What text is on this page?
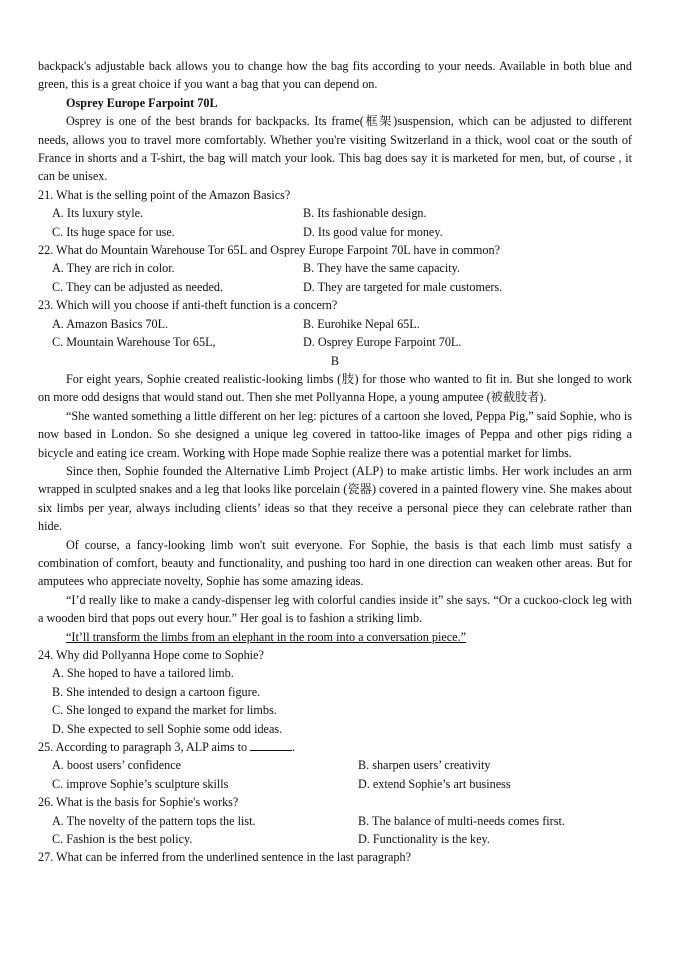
backpack's adjustable back allows you to change how the bag fits according to your needs. Available in both blue and green, this is a great choice if you want a bag that you can depend on.

Osprey Europe Farpoint 70L

Osprey is one of the best brands for backpacks. Its frame(框架)suspension, which can be adjusted to different needs, allows you to travel more comfortably. Whether you're visiting Switzerland in a thick, wool coat or the south of France in shorts and a T-shirt, the bag will match your look. This bag does say it is marketed for men, but, of course , it can be unisex.

21. What is the selling point of the Amazon Basics?

A. Its luxury style.	B. Its fashionable design.
C. Its huge space for use.	D. Its good value for money.

22. What do Mountain Warehouse Tor 65L and Osprey Europe Farpoint 70L have in common?

A. They are rich in color.	B. They have the same capacity.
C. They can be adjusted as needed.	D. They are targeted for male customers.

23. Which will you choose if anti-theft function is a concern?

A. Amazon Basics 70L.	B. Eurohike Nepal 65L.
C. Mountain Warehouse Tor 65L,	D. Osprey Europe Farpoint 70L.

B

For eight years, Sophie created realistic-looking limbs (肢) for those who wanted to fit in. But she longed to work on more odd designs that would stand out. Then she met Pollyanna Hope, a young amputee (被截肢者).

“She wanted something a little different on her leg: pictures of a cartoon she loved, Peppa Pig,” said Sophie, who is now based in London. So she designed a unique leg covered in tattoo-like images of Peppa and other pigs riding a bicycle and eating ice cream. Working with Hope made Sophie realize there was a potential market for limbs.

Since then, Sophie founded the Alternative Limb Project (ALP) to make artistic limbs. Her work includes an arm wrapped in sculpted snakes and a leg that looks like porcelain (瓷器) covered in a painted flowery vine. She makes about six limbs per year, always including clients’ ideas so that they receive a personal piece they can celebrate rather than hide.

Of course, a fancy-looking limb won't suit everyone. For Sophie, the basis is that each limb must satisfy a combination of comfort, beauty and functionality, and pushing too hard in one direction can weaken other areas. But for amputees who appreciate novelty, Sophie has some amazing ideas.

“I’d really like to make a candy-dispenser leg with colorful candies inside it” she says. “Or a cuckoo-clock leg with a wooden bird that pops out every hour.” Her goal is to fashion a striking limb.

“It’ll transform the limbs from an elephant in the room into a conversation piece.”

24. Why did Pollyanna Hope come to Sophie?

A. She hoped to have a tailored limb.

B. She intended to design a cartoon figure.

C. She longed to expand the market for limbs.

D. She expected to sell Sophie some odd ideas.

25. According to paragraph 3, ALP aims to	.

A. boost users’ confidence	B. sharpen users’ creativity
C. improve Sophie’s sculpture skills	D. extend Sophie’s art business

26. What is the basis for Sophie's works?

A. The novelty of the pattern tops the list.	B. The balance of multi-needs comes first.
C. Fashion is the best policy.	D. Functionality is the key.

27. What can be inferred from the underlined sentence in the last paragraph?
